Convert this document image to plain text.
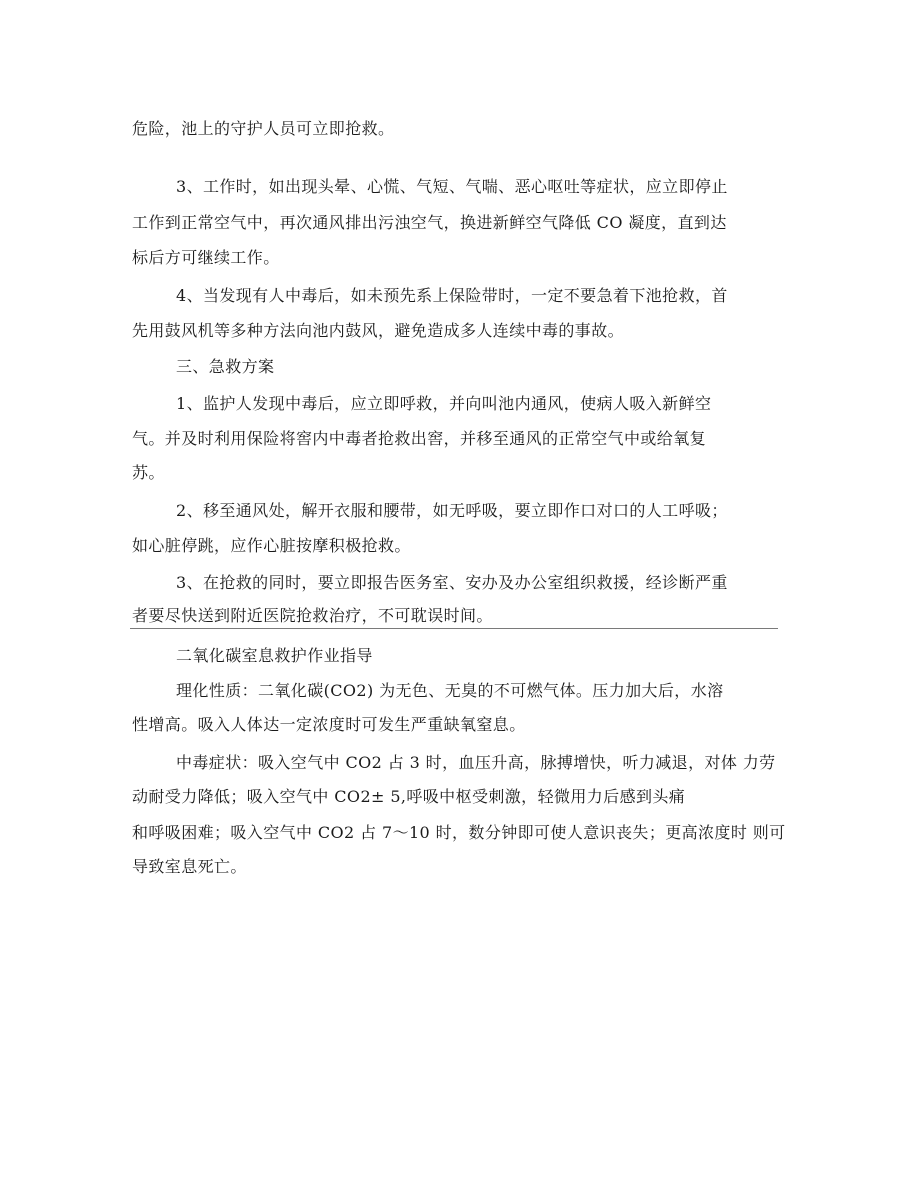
危险，池上的守护人员可立即抢救。
3、工作时，如出现头晕、心慌、气短、气喘、恶心呕吐等症状，应立即停止
工作到正常空气中，再次通风排出污浊空气，换进新鲜空气降低 CO 凝度，直到达
标后方可继续工作。
4、当发现有人中毒后，如未预先系上保险带时，一定不要急着下池抢救，首
先用鼓风机等多种方法向池内鼓风，避免造成多人连续中毒的事故。
三、急救方案
1、监护人发现中毒后，应立即呼救，并向叫池内通风，使病人吸入新鲜空
气。并及时利用保险将窖内中毒者抢救出窖，并移至通风的正常空气中或给氧复
苏。
2、移至通风处，解开衣服和腰带，如无呼吸，要立即作口对口的人工呼吸；
如心脏停跳，应作心脏按摩积极抢救。
3、在抢救的同时，要立即报告医务室、安办及办公室组织救援，经诊断严重
者要尽快送到附近医院抢救治疗，不可耽误时间。
二氧化碳室息救护作业指导
理化性质：二氧化碳(CO2) 为无色、无臭的不可燃气体。压力加大后，水溶
性增高。吸入人体达一定浓度时可发生严重缺氧窒息。
中毒症状：吸入空气中 CO2 占 3 时，血压升高，脉搏增快，听力减退，对体 力劳
动耐受力降低；吸入空气中 CO2± 5,呼吸中枢受刺激，轻微用力后感到头痛
和呼吸困难；吸入空气中 CO2 占 7～10 时，数分钟即可使人意识丧失；更高浓度时 则可
导致室息死亡。
